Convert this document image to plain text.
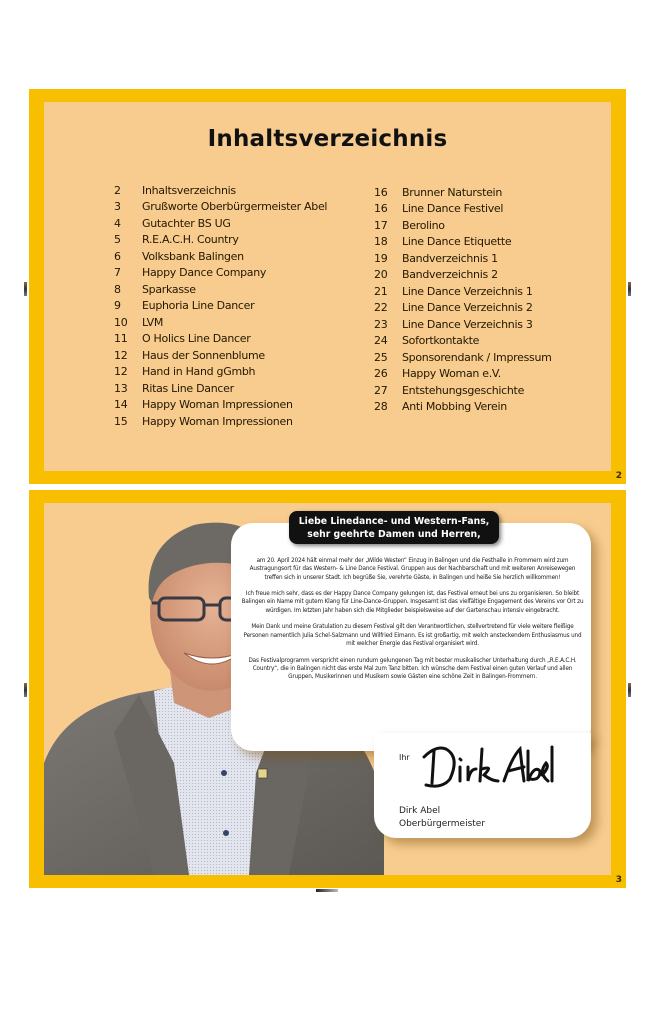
Inhaltsverzeichnis
2	Inhaltsverzeichnis
3	Grußworte Oberbürgermeister Abel
4	Gutachter BS UG
5	R.E.A.C.H. Country
6	Volksbank Balingen
7	Happy Dance Company
8	Sparkasse
9	Euphoria Line Dancer
10	LVM
11	O Holics Line Dancer
12	Haus der Sonnenblume
12	Hand in Hand gGmbh
13	Ritas Line Dancer
14	Happy Woman Impressionen
15	Happy Woman Impressionen
16	Brunner Naturstein
16	Line Dance Festivel
17	Berolino
18	Line Dance Etiquette
19	Bandverzeichnis 1
20	Bandverzeichnis 2
21	Line Dance Verzeichnis 1
22	Line Dance Verzeichnis 2
23	Line Dance Verzeichnis 3
24	Sofortkontakte
25	Sponsorendank / Impressum
26	Happy Woman e.V.
27	Entstehungsgeschichte
28	Anti Mobbing Verein
2
Liebe Linedance- und Western-Fans,
sehr geehrte Damen und Herren,

am 20. April 2024 hält einmal mehr der „Wilde Westen“ Einzug in Balingen und die Festhalle in Frommern wird zum Austragungsort für das Western- & Line Dance Festival. Gruppen aus der Nachbarschaft und mit weiteren Anreisewegen treffen sich in unserer Stadt. Ich begrüße Sie, verehrte Gäste, in Balingen und heiße Sie herzlich willkommen!

Ich freue mich sehr, dass es der Happy Dance Company gelungen ist, das Festival erneut bei uns zu organisieren. So bleibt Balingen ein Name mit gutem Klang für Line-Dance-Gruppen. Insgesamt ist das vielfältige Engagement des Vereins vor Ort zu würdigen. Im letzten Jahr haben sich die Mitglieder beispielsweise auf der Gartenschau intensiv eingebracht.

Mein Dank und meine Gratulation zu diesem Festival gilt den Verantwortlichen, stellvertretend für viele weitere fleißige Personen namentlich Julia Schel-Salzmann und Wilfried Eimann. Es ist großartig, mit welch ansteckendem Enthusiasmus und mit welcher Energie das Festival organisiert wird.

Das Festivalprogramm verspricht einen rundum gelungenen Tag mit bester musikalischer Unterhaltung durch „R.E.A.C.H. Country“, die in Balingen nicht das erste Mal zum Tanz bitten. Ich wünsche dem Festival einen guten Verlauf und allen Gruppen, Musikerinnen und Musikern sowie Gästen eine schöne Zeit in Balingen-Frommern.

Ihr
Dirk Abel
Oberbürgermeister
3
